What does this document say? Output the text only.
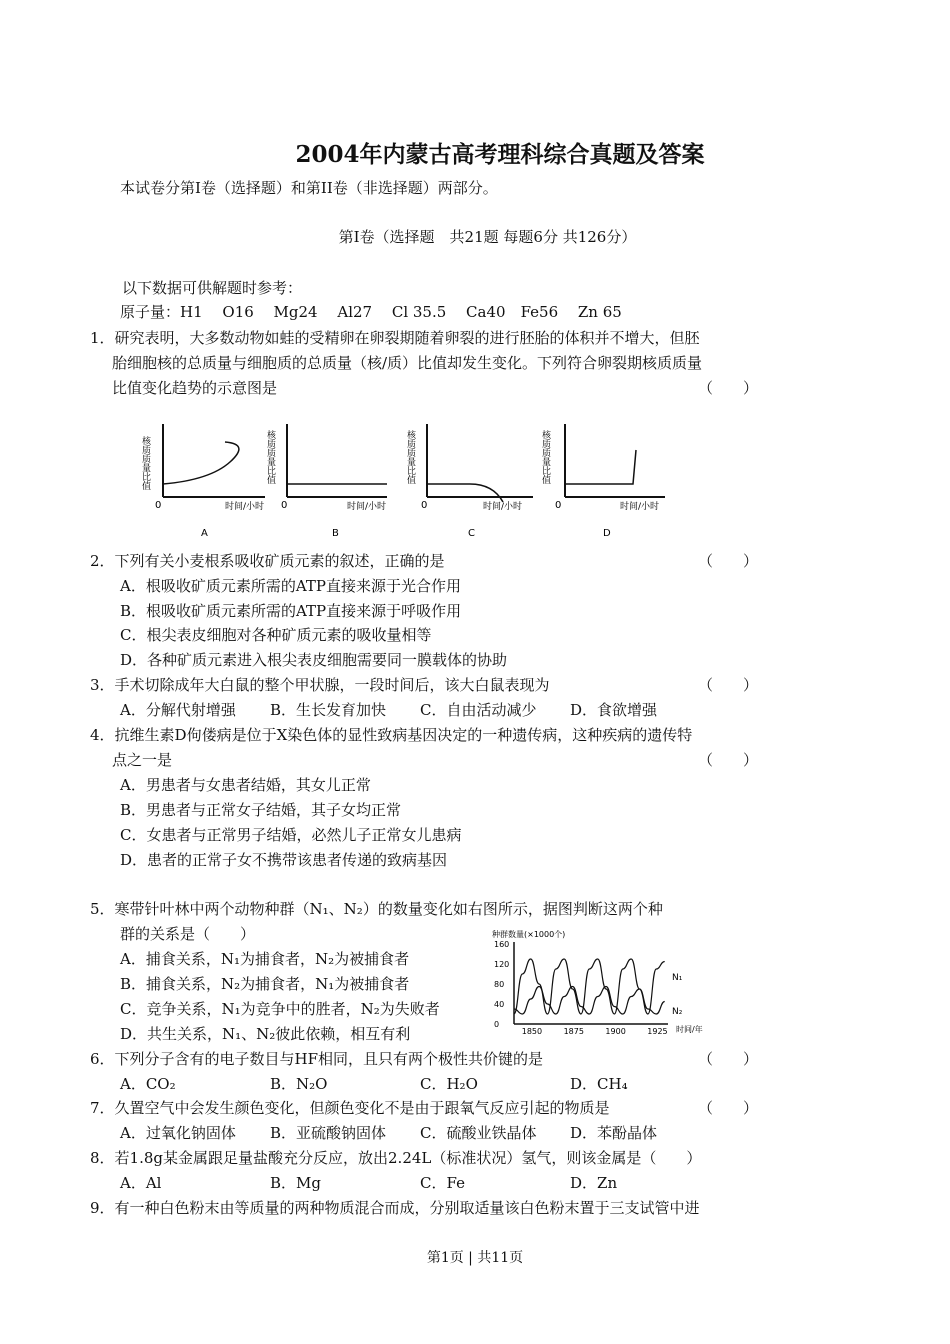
2004年内蒙古高考理科综合真题及答案
本试卷分第I卷（选择题）和第II卷（非选择题）两部分。
第I卷（选择题　共21题 每题6分 共126分）
以下数据可供解题时参考：
原子量：H1　 O16　 Mg24　 Al27　 Cl 35.5　 Ca40　Fe56　 Zn 65
1．研究表明，大多数动物如蛙的受精卵在卵裂期随着卵裂的进行胚胎的体积并不增大，但胚
胎细胞核的总质量与细胞质的总质量（核/质）比值却发生变化。下列符合卵裂期核质质量
比值变化趋势的示意图是	（　　）
核质质量比值
0	时间/小时
A
核质质量比值
0	时间/小时
B
核质质量比值
0	时间/小时
C
核质质量比值
0	时间/小时
D
2．下列有关小麦根系吸收矿质元素的叙述，正确的是	（　　）
A．根吸收矿质元素所需的ATP直接来源于光合作用
B．根吸收矿质元素所需的ATP直接来源于呼吸作用
C．根尖表皮细胞对各种矿质元素的吸收量相等
D．各种矿质元素进入根尖表皮细胞需要同一膜载体的协助
3．手术切除成年大白鼠的整个甲状腺，一段时间后，该大白鼠表现为	（　　）
A．分解代射增强 B．生长发育加快 C．自由活动减少 D．食欲增强
4．抗维生素D佝偻病是位于X染色体的显性致病基因决定的一种遗传病，这种疾病的遗传特
点之一是	（　　）
A．男患者与女患者结婚，其女儿正常
B．男患者与正常女子结婚，其子女均正常
C．女患者与正常男子结婚，必然儿子正常女儿患病
D．患者的正常子女不携带该患者传递的致病基因
5．寒带针叶林中两个动物种群（N₁、N₂）的数量变化如右图所示，据图判断这两个种
群的关系是（　　）
A．捕食关系，N₁为捕食者，N₂为被捕食者
B．捕食关系，N₂为捕食者，N₁为被捕食者
C．竞争关系，N₁为竞争中的胜者，N₂为失败者
D．共生关系，N₁、N₂彼此依赖，相互有利
种群数量(×1000个)
0
40
80
120
160
1850	1875	1900	1925
N₁
N₂
时间/年
6．下列分子含有的电子数目与HF相同，且只有两个极性共价键的是	（　　）
A．CO₂	B．N₂O	C．H₂O	D．CH₄
7．久置空气中会发生颜色变化，但颜色变化不是由于跟氧气反应引起的物质是	（　　）
A．过氧化钠固体 B．亚硫酸钠固体 C．硫酸业铁晶体 D．苯酚晶体
8．若1.8g某金属跟足量盐酸充分反应，放出2.24L（标准状况）氢气，则该金属是（　　）
A．Al	B．Mg	C．Fe	D．Zn
9．有一种白色粉末由等质量的两种物质混合而成，分别取适量该白色粉末置于三支试管中进
第1页 | 共11页
